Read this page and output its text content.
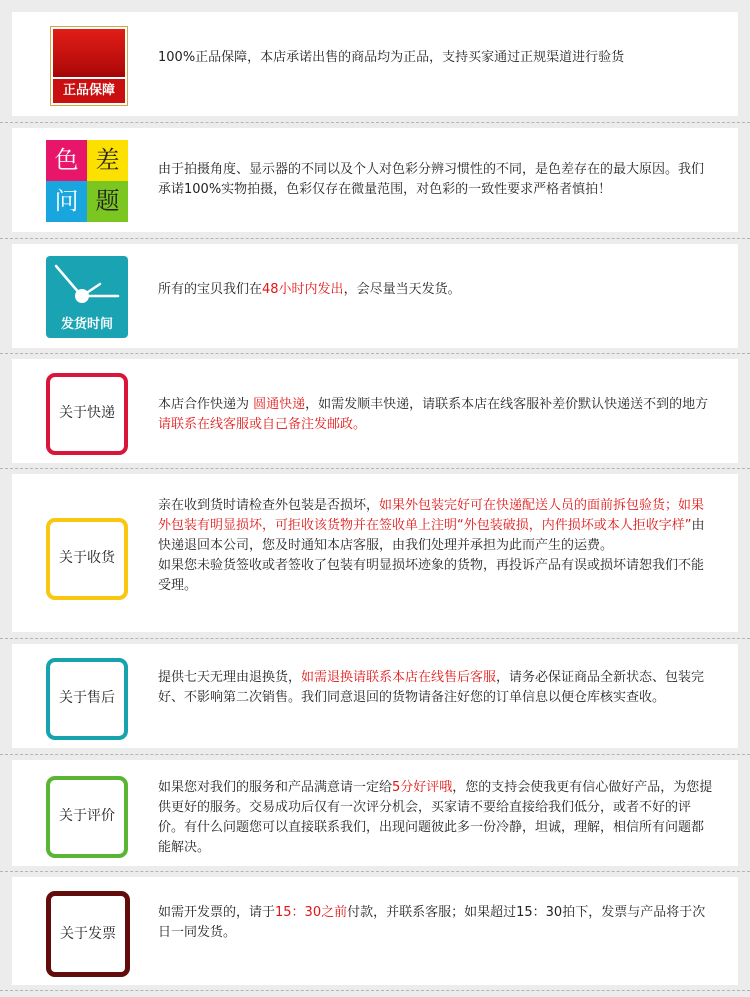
正品保障
100%正品保障，本店承诺出售的商品均为正品，支持买家通过正规渠道进行验货
色 差
问 题
由于拍摄角度、显示器的不同以及个人对色彩分辨习惯性的不同，是色差存在的最大原因。我们承诺100%实物拍摄，色彩仅存在微量范围，对色彩的一致性要求严格者慎拍！
发货时间
所有的宝贝我们在48小时内发出，会尽量当天发货。
关于快递
本店合作快递为 圆通快递，如需发顺丰快递，请联系本店在线客服补差价默认快递送不到的地方请联系在线客服或自己备注发邮政。
关于收货
亲在收到货时请检查外包装是否损坏，如果外包装完好可在快递配送人员的面前拆包验货；如果外包装有明显损坏，可拒收该货物并在签收单上注明“外包装破损，内件损坏或本人拒收字样”由快递退回本公司，您及时通知本店客服，由我们处理并承担为此而产生的运费。
如果您未验货签收或者签收了包装有明显损坏迹象的货物，再投诉产品有误或损坏请恕我们不能受理。
关于售后
提供七天无理由退换货，如需退换请联系本店在线售后客服，请务必保证商品全新状态、包装完好、不影响第二次销售。我们同意退回的货物请备注好您的订单信息以便仓库核实查收。
关于评价
如果您对我们的服务和产品满意请一定给5分好评哦，您的支持会使我更有信心做好产品，为您提供更好的服务。交易成功后仅有一次评分机会，买家请不要给直接给我们低分，或者不好的评价。有什么问题您可以直接联系我们，出现问题彼此多一份冷静，坦诚，理解，相信所有问题都能解决。
关于发票
如需开发票的，请于15：30之前付款，并联系客服；如果超过15：30拍下，发票与产品将于次日一同发货。
